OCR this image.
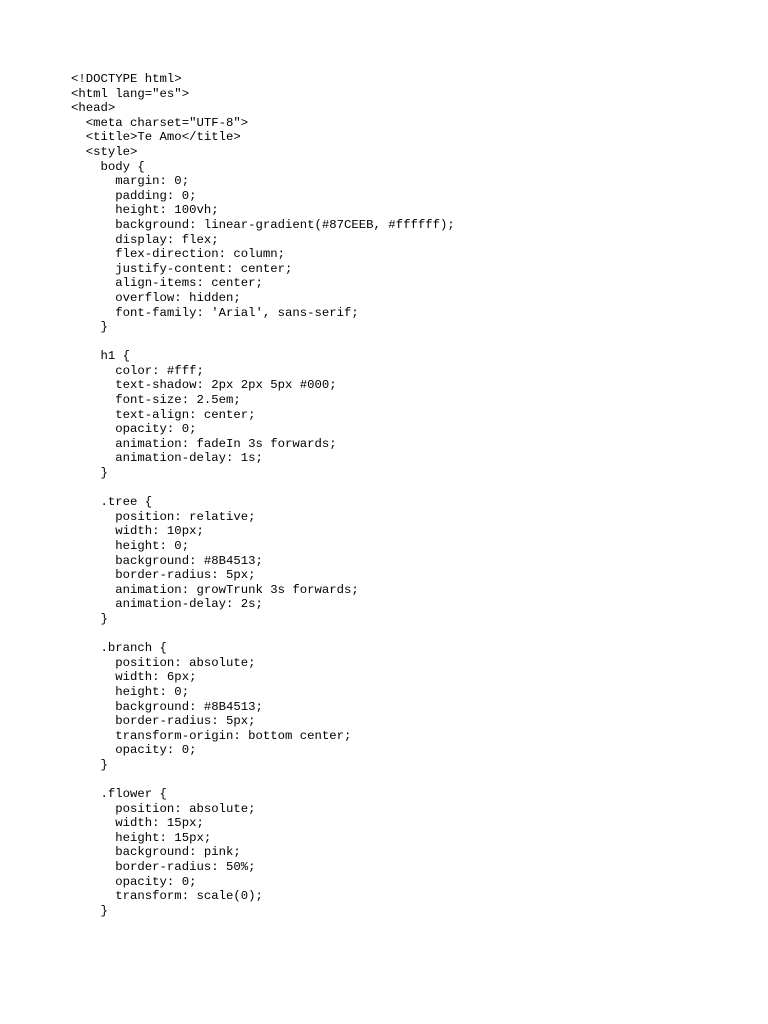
<!DOCTYPE html>
<html lang="es">
<head>
<meta charset="UTF-8">
<title>Te Amo</title>
<style>
body {
margin: 0;
padding: 0;
height: 100vh;
background: linear-gradient(#87CEEB, #ffffff);
display: flex;
flex-direction: column;
justify-content: center;
align-items: center;
overflow: hidden;
font-family: 'Arial', sans-serif;
}
h1 {
color: #fff;
text-shadow: 2px 2px 5px #000;
font-size: 2.5em;
text-align: center;
opacity: 0;
animation: fadeIn 3s forwards;
animation-delay: 1s;
}
.tree {
position: relative;
width: 10px;
height: 0;
background: #8B4513;
border-radius: 5px;
animation: growTrunk 3s forwards;
animation-delay: 2s;
}
.branch {
position: absolute;
width: 6px;
height: 0;
background: #8B4513;
border-radius: 5px;
transform-origin: bottom center;
opacity: 0;
}
.flower {
position: absolute;
width: 15px;
height: 15px;
background: pink;
border-radius: 50%;
opacity: 0;
transform: scale(0);
}
